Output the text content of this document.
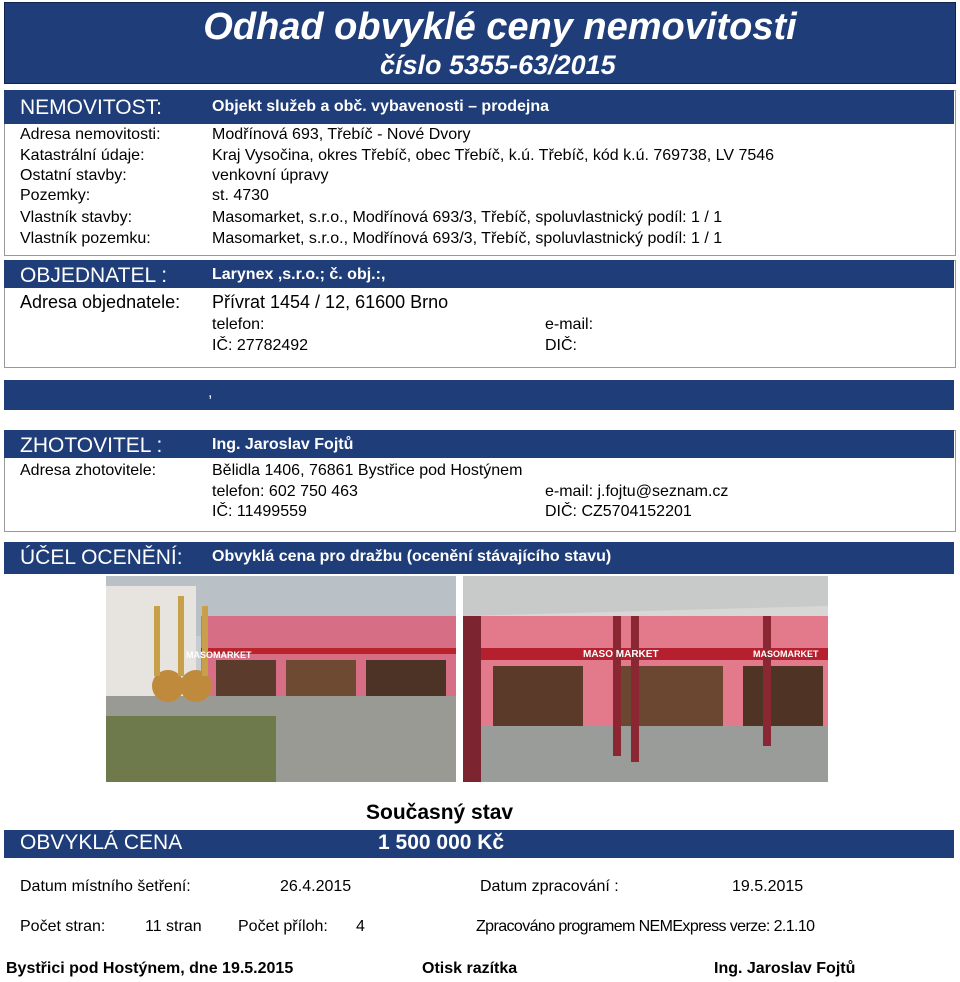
Odhad obvyklé ceny nemovitosti
číslo 5355-63/2015
NEMOVITOST:	Objekt služeb a obč. vybavenosti – prodejna
Adresa nemovitosti:	Modřínová 693, Třebíč - Nové Dvory
Katastrální údaje:	Kraj Vysočina, okres Třebíč, obec Třebíč, k.ú. Třebíč, kód k.ú. 769738, LV 7546
Ostatní stavby:	venkovní úpravy
Pozemky:	st. 4730
Vlastník stavby:	Masomarket, s.r.o., Modřínová 693/3, Třebíč, spoluvlastnický podíl: 1 / 1
Vlastník pozemku:	Masomarket, s.r.o., Modřínová 693/3, Třebíč, spoluvlastnický podíl: 1 / 1
OBJEDNATEL :	Larynex ,s.r.o.; č. obj.:,
Adresa objednatele: Přívrat 1454 / 12, 61600 Brno
telefon:	e-mail:
IČ: 27782492	DIČ:
,
ZHOTOVITEL :	Ing. Jaroslav Fojtů
Adresa zhotovitele:	Bělidla 1406, 76861 Bystřice pod Hostýnem
telefon: 602 750 463	e-mail: j.fojtu@seznam.cz
IČ: 11499559	DIČ: CZ5704152201
ÚČEL OCENĚNÍ: Obvyklá cena pro dražbu (ocenění stávajícího stavu)
MASOMARKET	MASO MARKET	MASOMARKET
Současný stav
OBVYKLÁ CENA	1 500 000 Kč
Datum místního šetření:	26.4.2015	Datum zpracování :	19.5.2015
Počet stran: 11 stran Počet příloh: 4	Zpracováno programem NEMExpress verze: 2.1.10
Bystřici pod Hostýnem, dne 19.5.2015	Otisk razítka	Ing. Jaroslav Fojtů
